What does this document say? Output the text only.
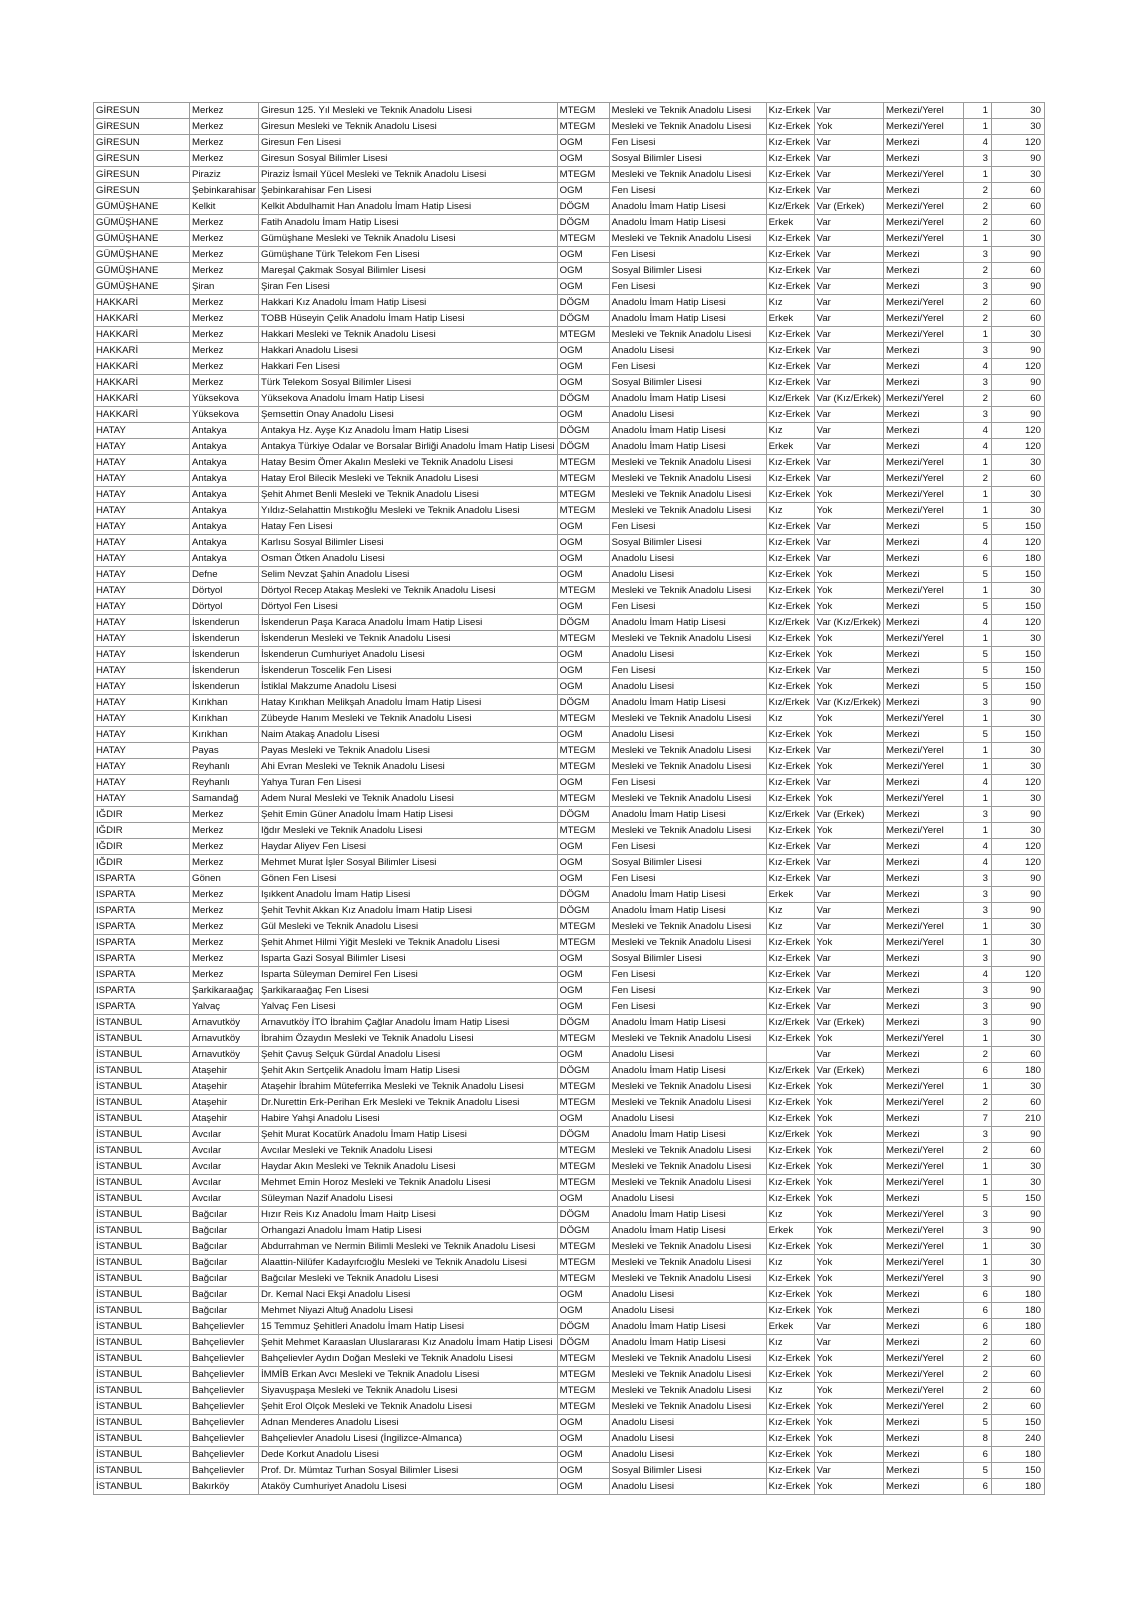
GİRESUN	Merkez	Giresun 125. Yıl Mesleki ve Teknik Anadolu Lisesi	MTEGM	Mesleki ve Teknik Anadolu Lisesi	Kız-Erkek	Var	Merkezi/Yerel	1	30
GİRESUN	Merkez	Giresun Mesleki ve Teknik Anadolu Lisesi	MTEGM	Mesleki ve Teknik Anadolu Lisesi	Kız-Erkek	Yok	Merkezi/Yerel	1	30
GİRESUN	Merkez	Giresun Fen Lisesi	OGM	Fen Lisesi	Kız-Erkek	Var	Merkezi	4	120
GİRESUN	Merkez	Giresun Sosyal Bilimler Lisesi	OGM	Sosyal Bilimler Lisesi	Kız-Erkek	Var	Merkezi	3	90
GİRESUN	Piraziz	Piraziz İsmail Yücel Mesleki ve Teknik Anadolu Lisesi	MTEGM	Mesleki ve Teknik Anadolu Lisesi	Kız-Erkek	Var	Merkezi/Yerel	1	30
GİRESUN	Şebinkarahisar	Şebinkarahisar Fen Lisesi	OGM	Fen Lisesi	Kız-Erkek	Var	Merkezi	2	60
GÜMÜŞHANE	Kelkit	Kelkit Abdulhamit Han Anadolu İmam Hatip Lisesi	DÖGM	Anadolu İmam Hatip Lisesi	Kız/Erkek	Var (Erkek)	Merkezi/Yerel	2	60
GÜMÜŞHANE	Merkez	Fatih Anadolu İmam Hatip Lisesi	DÖGM	Anadolu İmam Hatip Lisesi	Erkek	Var	Merkezi/Yerel	2	60
GÜMÜŞHANE	Merkez	Gümüşhane Mesleki ve Teknik Anadolu Lisesi	MTEGM	Mesleki ve Teknik Anadolu Lisesi	Kız-Erkek	Var	Merkezi/Yerel	1	30
GÜMÜŞHANE	Merkez	Gümüşhane Türk Telekom Fen Lisesi	OGM	Fen Lisesi	Kız-Erkek	Var	Merkezi	3	90
GÜMÜŞHANE	Merkez	Mareşal Çakmak Sosyal Bilimler Lisesi	OGM	Sosyal Bilimler Lisesi	Kız-Erkek	Var	Merkezi	2	60
GÜMÜŞHANE	Şiran	Şiran Fen Lisesi	OGM	Fen Lisesi	Kız-Erkek	Var	Merkezi	3	90
HAKKARİ	Merkez	Hakkari Kız Anadolu İmam Hatip Lisesi	DÖGM	Anadolu İmam Hatip Lisesi	Kız	Var	Merkezi/Yerel	2	60
HAKKARİ	Merkez	TOBB Hüseyin Çelik Anadolu İmam Hatip Lisesi	DÖGM	Anadolu İmam Hatip Lisesi	Erkek	Var	Merkezi/Yerel	2	60
HAKKARİ	Merkez	Hakkari Mesleki ve Teknik Anadolu Lisesi	MTEGM	Mesleki ve Teknik Anadolu Lisesi	Kız-Erkek	Var	Merkezi/Yerel	1	30
HAKKARİ	Merkez	Hakkari Anadolu Lisesi	OGM	Anadolu Lisesi	Kız-Erkek	Var	Merkezi	3	90
HAKKARİ	Merkez	Hakkari Fen Lisesi	OGM	Fen Lisesi	Kız-Erkek	Var	Merkezi	4	120
HAKKARİ	Merkez	Türk Telekom Sosyal Bilimler Lisesi	OGM	Sosyal Bilimler Lisesi	Kız-Erkek	Var	Merkezi	3	90
HAKKARİ	Yüksekova	Yüksekova Anadolu İmam Hatip Lisesi	DÖGM	Anadolu İmam Hatip Lisesi	Kız/Erkek	Var (Kız/Erkek)	Merkezi/Yerel	2	60
HAKKARİ	Yüksekova	Şemsettin Onay Anadolu Lisesi	OGM	Anadolu Lisesi	Kız-Erkek	Var	Merkezi	3	90
HATAY	Antakya	Antakya Hz. Ayşe Kız Anadolu İmam Hatip Lisesi	DÖGM	Anadolu İmam Hatip Lisesi	Kız	Var	Merkezi	4	120
HATAY	Antakya	Antakya Türkiye Odalar ve Borsalar Birliği Anadolu İmam Hatip Lisesi	DÖGM	Anadolu İmam Hatip Lisesi	Erkek	Var	Merkezi	4	120
HATAY	Antakya	Hatay Besim Ömer Akalın Mesleki ve Teknik Anadolu Lisesi	MTEGM	Mesleki ve Teknik Anadolu Lisesi	Kız-Erkek	Var	Merkezi/Yerel	1	30
HATAY	Antakya	Hatay Erol Bilecik Mesleki ve Teknik Anadolu Lisesi	MTEGM	Mesleki ve Teknik Anadolu Lisesi	Kız-Erkek	Var	Merkezi/Yerel	2	60
HATAY	Antakya	Şehit Ahmet Benli Mesleki ve Teknik Anadolu Lisesi	MTEGM	Mesleki ve Teknik Anadolu Lisesi	Kız-Erkek	Yok	Merkezi/Yerel	1	30
HATAY	Antakya	Yıldız-Selahattin Mıstıkoğlu Mesleki ve Teknik Anadolu Lisesi	MTEGM	Mesleki ve Teknik Anadolu Lisesi	Kız	Yok	Merkezi/Yerel	1	30
HATAY	Antakya	Hatay Fen Lisesi	OGM	Fen Lisesi	Kız-Erkek	Var	Merkezi	5	150
HATAY	Antakya	Karlısu Sosyal Bilimler Lisesi	OGM	Sosyal Bilimler Lisesi	Kız-Erkek	Var	Merkezi	4	120
HATAY	Antakya	Osman Ötken Anadolu Lisesi	OGM	Anadolu Lisesi	Kız-Erkek	Var	Merkezi	6	180
HATAY	Defne	Selim Nevzat Şahin Anadolu Lisesi	OGM	Anadolu Lisesi	Kız-Erkek	Yok	Merkezi	5	150
HATAY	Dörtyol	Dörtyol Recep Atakaş Mesleki ve Teknik Anadolu Lisesi	MTEGM	Mesleki ve Teknik Anadolu Lisesi	Kız-Erkek	Yok	Merkezi/Yerel	1	30
HATAY	Dörtyol	Dörtyol Fen Lisesi	OGM	Fen Lisesi	Kız-Erkek	Yok	Merkezi	5	150
HATAY	İskenderun	İskenderun Paşa Karaca Anadolu İmam Hatip Lisesi	DÖGM	Anadolu İmam Hatip Lisesi	Kız/Erkek	Var (Kız/Erkek)	Merkezi	4	120
HATAY	İskenderun	İskenderun Mesleki ve Teknik Anadolu Lisesi	MTEGM	Mesleki ve Teknik Anadolu Lisesi	Kız-Erkek	Yok	Merkezi/Yerel	1	30
HATAY	İskenderun	İskenderun Cumhuriyet Anadolu Lisesi	OGM	Anadolu Lisesi	Kız-Erkek	Yok	Merkezi	5	150
HATAY	İskenderun	İskenderun Toscelik Fen Lisesi	OGM	Fen Lisesi	Kız-Erkek	Var	Merkezi	5	150
HATAY	İskenderun	İstiklal Makzume Anadolu Lisesi	OGM	Anadolu Lisesi	Kız-Erkek	Yok	Merkezi	5	150
HATAY	Kırıkhan	Hatay Kırıkhan Melikşah Anadolu İmam Hatip Lisesi	DÖGM	Anadolu İmam Hatip Lisesi	Kız/Erkek	Var (Kız/Erkek)	Merkezi	3	90
HATAY	Kırıkhan	Zübeyde Hanım Mesleki ve Teknik Anadolu Lisesi	MTEGM	Mesleki ve Teknik Anadolu Lisesi	Kız	Yok	Merkezi/Yerel	1	30
HATAY	Kırıkhan	Naim Atakaş Anadolu Lisesi	OGM	Anadolu Lisesi	Kız-Erkek	Yok	Merkezi	5	150
HATAY	Payas	Payas Mesleki ve Teknik Anadolu Lisesi	MTEGM	Mesleki ve Teknik Anadolu Lisesi	Kız-Erkek	Var	Merkezi/Yerel	1	30
HATAY	Reyhanlı	Ahi Evran Mesleki ve Teknik Anadolu Lisesi	MTEGM	Mesleki ve Teknik Anadolu Lisesi	Kız-Erkek	Yok	Merkezi/Yerel	1	30
HATAY	Reyhanlı	Yahya Turan Fen Lisesi	OGM	Fen Lisesi	Kız-Erkek	Var	Merkezi	4	120
HATAY	Samandağ	Adem Nural Mesleki ve Teknik Anadolu Lisesi	MTEGM	Mesleki ve Teknik Anadolu Lisesi	Kız-Erkek	Yok	Merkezi/Yerel	1	30
IĞDIR	Merkez	Şehit Emin Güner Anadolu İmam Hatip Lisesi	DÖGM	Anadolu İmam Hatip Lisesi	Kız/Erkek	Var (Erkek)	Merkezi	3	90
IĞDIR	Merkez	Iğdır Mesleki ve Teknik Anadolu Lisesi	MTEGM	Mesleki ve Teknik Anadolu Lisesi	Kız-Erkek	Yok	Merkezi/Yerel	1	30
IĞDIR	Merkez	Haydar Aliyev Fen Lisesi	OGM	Fen Lisesi	Kız-Erkek	Var	Merkezi	4	120
IĞDIR	Merkez	Mehmet Murat İşler Sosyal Bilimler Lisesi	OGM	Sosyal Bilimler Lisesi	Kız-Erkek	Var	Merkezi	4	120
ISPARTA	Gönen	Gönen Fen Lisesi	OGM	Fen Lisesi	Kız-Erkek	Var	Merkezi	3	90
ISPARTA	Merkez	Işıkkent Anadolu İmam Hatip Lisesi	DÖGM	Anadolu İmam Hatip Lisesi	Erkek	Var	Merkezi	3	90
ISPARTA	Merkez	Şehit Tevhit Akkan Kız Anadolu İmam Hatip Lisesi	DÖGM	Anadolu İmam Hatip Lisesi	Kız	Var	Merkezi	3	90
ISPARTA	Merkez	Gül Mesleki ve Teknik Anadolu Lisesi	MTEGM	Mesleki ve Teknik Anadolu Lisesi	Kız	Var	Merkezi/Yerel	1	30
ISPARTA	Merkez	Şehit Ahmet Hilmi Yiğit Mesleki ve Teknik Anadolu Lisesi	MTEGM	Mesleki ve Teknik Anadolu Lisesi	Kız-Erkek	Yok	Merkezi/Yerel	1	30
ISPARTA	Merkez	Isparta Gazi Sosyal Bilimler Lisesi	OGM	Sosyal Bilimler Lisesi	Kız-Erkek	Var	Merkezi	3	90
ISPARTA	Merkez	Isparta Süleyman Demirel Fen Lisesi	OGM	Fen Lisesi	Kız-Erkek	Var	Merkezi	4	120
ISPARTA	Şarkikaraağaç	Şarkikaraağaç Fen Lisesi	OGM	Fen Lisesi	Kız-Erkek	Var	Merkezi	3	90
ISPARTA	Yalvaç	Yalvaç Fen Lisesi	OGM	Fen Lisesi	Kız-Erkek	Var	Merkezi	3	90
İSTANBUL	Arnavutköy	Arnavutköy İTO İbrahim Çağlar Anadolu İmam Hatip Lisesi	DÖGM	Anadolu İmam Hatip Lisesi	Kız/Erkek	Var (Erkek)	Merkezi	3	90
İSTANBUL	Arnavutköy	İbrahim Özaydın Mesleki ve Teknik Anadolu Lisesi	MTEGM	Mesleki ve Teknik Anadolu Lisesi	Kız-Erkek	Yok	Merkezi/Yerel	1	30
İSTANBUL	Arnavutköy	Şehit Çavuş Selçuk Gürdal Anadolu Lisesi	OGM	Anadolu Lisesi		Var	Merkezi	2	60
İSTANBUL	Ataşehir	Şehit Akın Sertçelik Anadolu İmam Hatip Lisesi	DÖGM	Anadolu İmam Hatip Lisesi	Kız/Erkek	Var (Erkek)	Merkezi	6	180
İSTANBUL	Ataşehir	Ataşehir İbrahim Müteferrika Mesleki ve Teknik Anadolu Lisesi	MTEGM	Mesleki ve Teknik Anadolu Lisesi	Kız-Erkek	Yok	Merkezi/Yerel	1	30
İSTANBUL	Ataşehir	Dr.Nurettin Erk-Perihan Erk Mesleki ve Teknik Anadolu Lisesi	MTEGM	Mesleki ve Teknik Anadolu Lisesi	Kız-Erkek	Yok	Merkezi/Yerel	2	60
İSTANBUL	Ataşehir	Habire Yahşi Anadolu Lisesi	OGM	Anadolu Lisesi	Kız-Erkek	Yok	Merkezi	7	210
İSTANBUL	Avcılar	Şehit Murat Kocatürk Anadolu İmam Hatip Lisesi	DÖGM	Anadolu İmam Hatip Lisesi	Kız/Erkek	Yok	Merkezi	3	90
İSTANBUL	Avcılar	Avcılar Mesleki ve Teknik Anadolu Lisesi	MTEGM	Mesleki ve Teknik Anadolu Lisesi	Kız-Erkek	Yok	Merkezi/Yerel	2	60
İSTANBUL	Avcılar	Haydar Akın Mesleki ve Teknik Anadolu Lisesi	MTEGM	Mesleki ve Teknik Anadolu Lisesi	Kız-Erkek	Yok	Merkezi/Yerel	1	30
İSTANBUL	Avcılar	Mehmet Emin Horoz Mesleki ve Teknik Anadolu Lisesi	MTEGM	Mesleki ve Teknik Anadolu Lisesi	Kız-Erkek	Yok	Merkezi/Yerel	1	30
İSTANBUL	Avcılar	Süleyman Nazif Anadolu Lisesi	OGM	Anadolu Lisesi	Kız-Erkek	Yok	Merkezi	5	150
İSTANBUL	Bağcılar	Hızır Reis Kız Anadolu İmam Haitp Lisesi	DÖGM	Anadolu İmam Hatip Lisesi	Kız	Yok	Merkezi/Yerel	3	90
İSTANBUL	Bağcılar	Orhangazi Anadolu İmam Hatip Lisesi	DÖGM	Anadolu İmam Hatip Lisesi	Erkek	Yok	Merkezi/Yerel	3	90
İSTANBUL	Bağcılar	Abdurrahman ve Nermin Bilimli Mesleki ve Teknik Anadolu Lisesi	MTEGM	Mesleki ve Teknik Anadolu Lisesi	Kız-Erkek	Yok	Merkezi/Yerel	1	30
İSTANBUL	Bağcılar	Alaattin-Nilüfer Kadayıfcıoğlu Mesleki ve Teknik Anadolu Lisesi	MTEGM	Mesleki ve Teknik Anadolu Lisesi	Kız	Yok	Merkezi/Yerel	1	30
İSTANBUL	Bağcılar	Bağcılar Mesleki ve Teknik Anadolu Lisesi	MTEGM	Mesleki ve Teknik Anadolu Lisesi	Kız-Erkek	Yok	Merkezi/Yerel	3	90
İSTANBUL	Bağcılar	Dr. Kemal Naci Ekşi Anadolu Lisesi	OGM	Anadolu Lisesi	Kız-Erkek	Yok	Merkezi	6	180
İSTANBUL	Bağcılar	Mehmet Niyazi Altuğ Anadolu Lisesi	OGM	Anadolu Lisesi	Kız-Erkek	Yok	Merkezi	6	180
İSTANBUL	Bahçelievler	15 Temmuz Şehitleri Anadolu İmam Hatip Lisesi	DÖGM	Anadolu İmam Hatip Lisesi	Erkek	Var	Merkezi	6	180
İSTANBUL	Bahçelievler	Şehit Mehmet Karaaslan Uluslararası Kız Anadolu İmam Hatip Lisesi	DÖGM	Anadolu İmam Hatip Lisesi	Kız	Var	Merkezi	2	60
İSTANBUL	Bahçelievler	Bahçelievler Aydın Doğan Mesleki ve Teknik Anadolu Lisesi	MTEGM	Mesleki ve Teknik Anadolu Lisesi	Kız-Erkek	Yok	Merkezi/Yerel	2	60
İSTANBUL	Bahçelievler	İMMİB Erkan Avcı Mesleki ve Teknik Anadolu Lisesi	MTEGM	Mesleki ve Teknik Anadolu Lisesi	Kız-Erkek	Yok	Merkezi/Yerel	2	60
İSTANBUL	Bahçelievler	Siyavuşpaşa Mesleki ve Teknik Anadolu Lisesi	MTEGM	Mesleki ve Teknik Anadolu Lisesi	Kız	Yok	Merkezi/Yerel	2	60
İSTANBUL	Bahçelievler	Şehit Erol Olçok Mesleki ve Teknik Anadolu Lisesi	MTEGM	Mesleki ve Teknik Anadolu Lisesi	Kız-Erkek	Yok	Merkezi/Yerel	2	60
İSTANBUL	Bahçelievler	Adnan Menderes Anadolu Lisesi	OGM	Anadolu Lisesi	Kız-Erkek	Yok	Merkezi	5	150
İSTANBUL	Bahçelievler	Bahçelievler Anadolu Lisesi (İngilizce-Almanca)	OGM	Anadolu Lisesi	Kız-Erkek	Yok	Merkezi	8	240
İSTANBUL	Bahçelievler	Dede Korkut Anadolu Lisesi	OGM	Anadolu Lisesi	Kız-Erkek	Yok	Merkezi	6	180
İSTANBUL	Bahçelievler	Prof. Dr. Mümtaz Turhan Sosyal Bilimler Lisesi	OGM	Sosyal Bilimler Lisesi	Kız-Erkek	Var	Merkezi	5	150
İSTANBUL	Bakırköy	Ataköy Cumhuriyet Anadolu Lisesi	OGM	Anadolu Lisesi	Kız-Erkek	Yok	Merkezi	6	180
